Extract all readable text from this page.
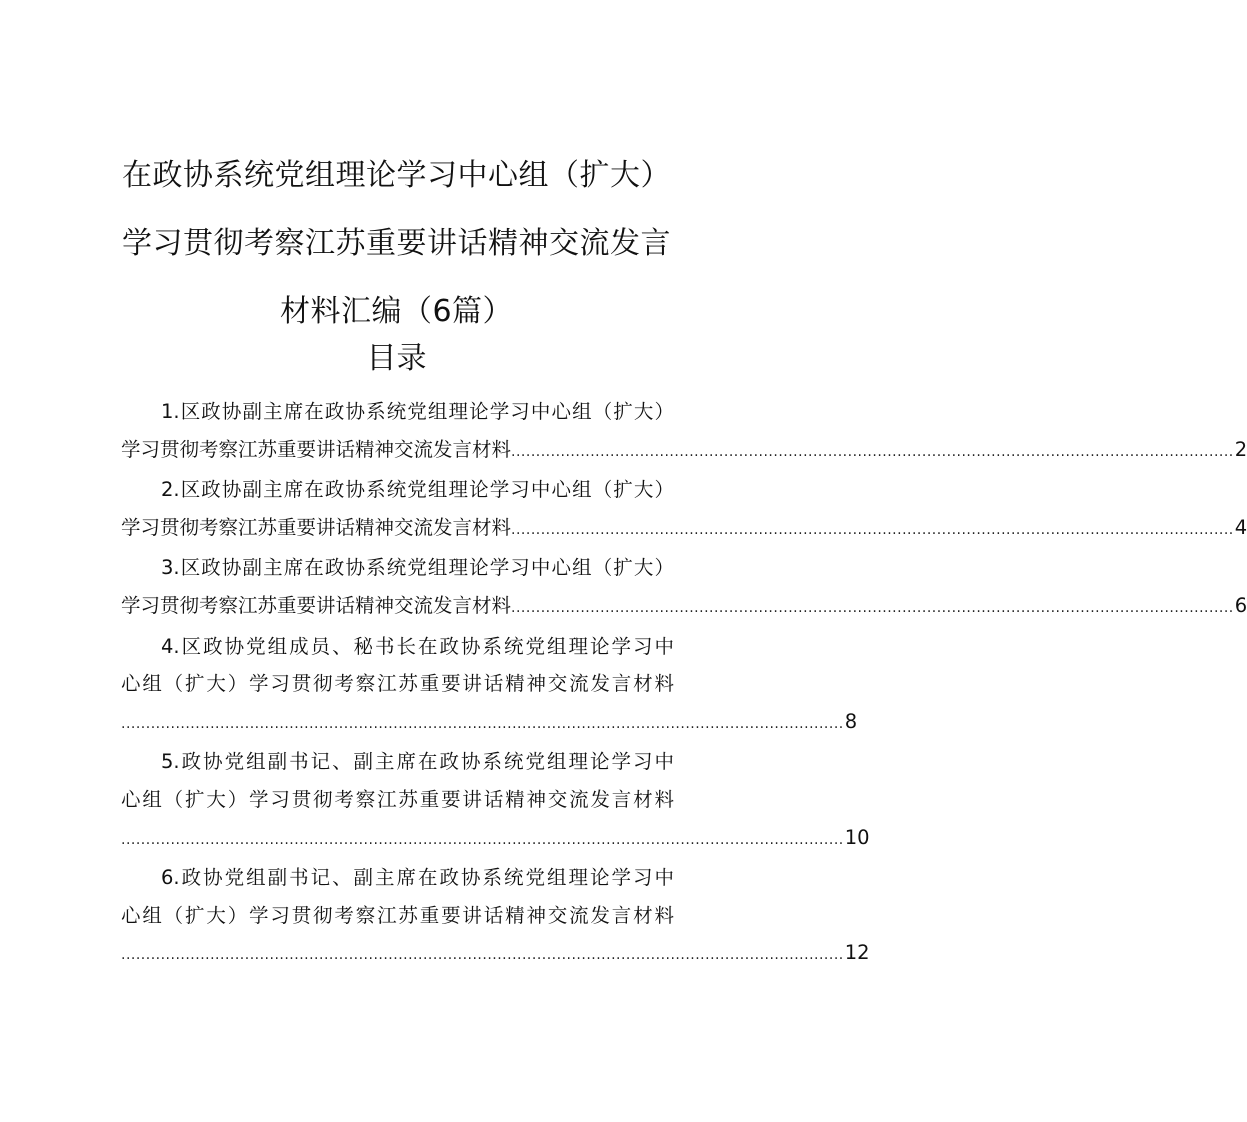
在政协系统党组理论学习中心组（扩大）学习贯彻考察江苏重要讲话精神交流发言材料汇编（6篇）
目录
1.区政协副主席在政协系统党组理论学习中心组（扩大）
学习贯彻考察江苏重要讲话精神交流发言材料 .................................................................................................................................................. 2
2.区政协副主席在政协系统党组理论学习中心组（扩大）
学习贯彻考察江苏重要讲话精神交流发言材料 .................................................................................................................................................. 4
3.区政协副主席在政协系统党组理论学习中心组（扩大）
学习贯彻考察江苏重要讲话精神交流发言材料 .................................................................................................................................................. 6
4.区政协党组成员、秘书长在政协系统党组理论学习中
心组（扩大）学习贯彻考察江苏重要讲话精神交流发言材料
.................................................................................................................................................. 8
5.政协党组副书记、副主席在政协系统党组理论学习中
心组（扩大）学习贯彻考察江苏重要讲话精神交流发言材料
.................................................................................................................................................. 10
6.政协党组副书记、副主席在政协系统党组理论学习中
心组（扩大）学习贯彻考察江苏重要讲话精神交流发言材料
.................................................................................................................................................. 12
